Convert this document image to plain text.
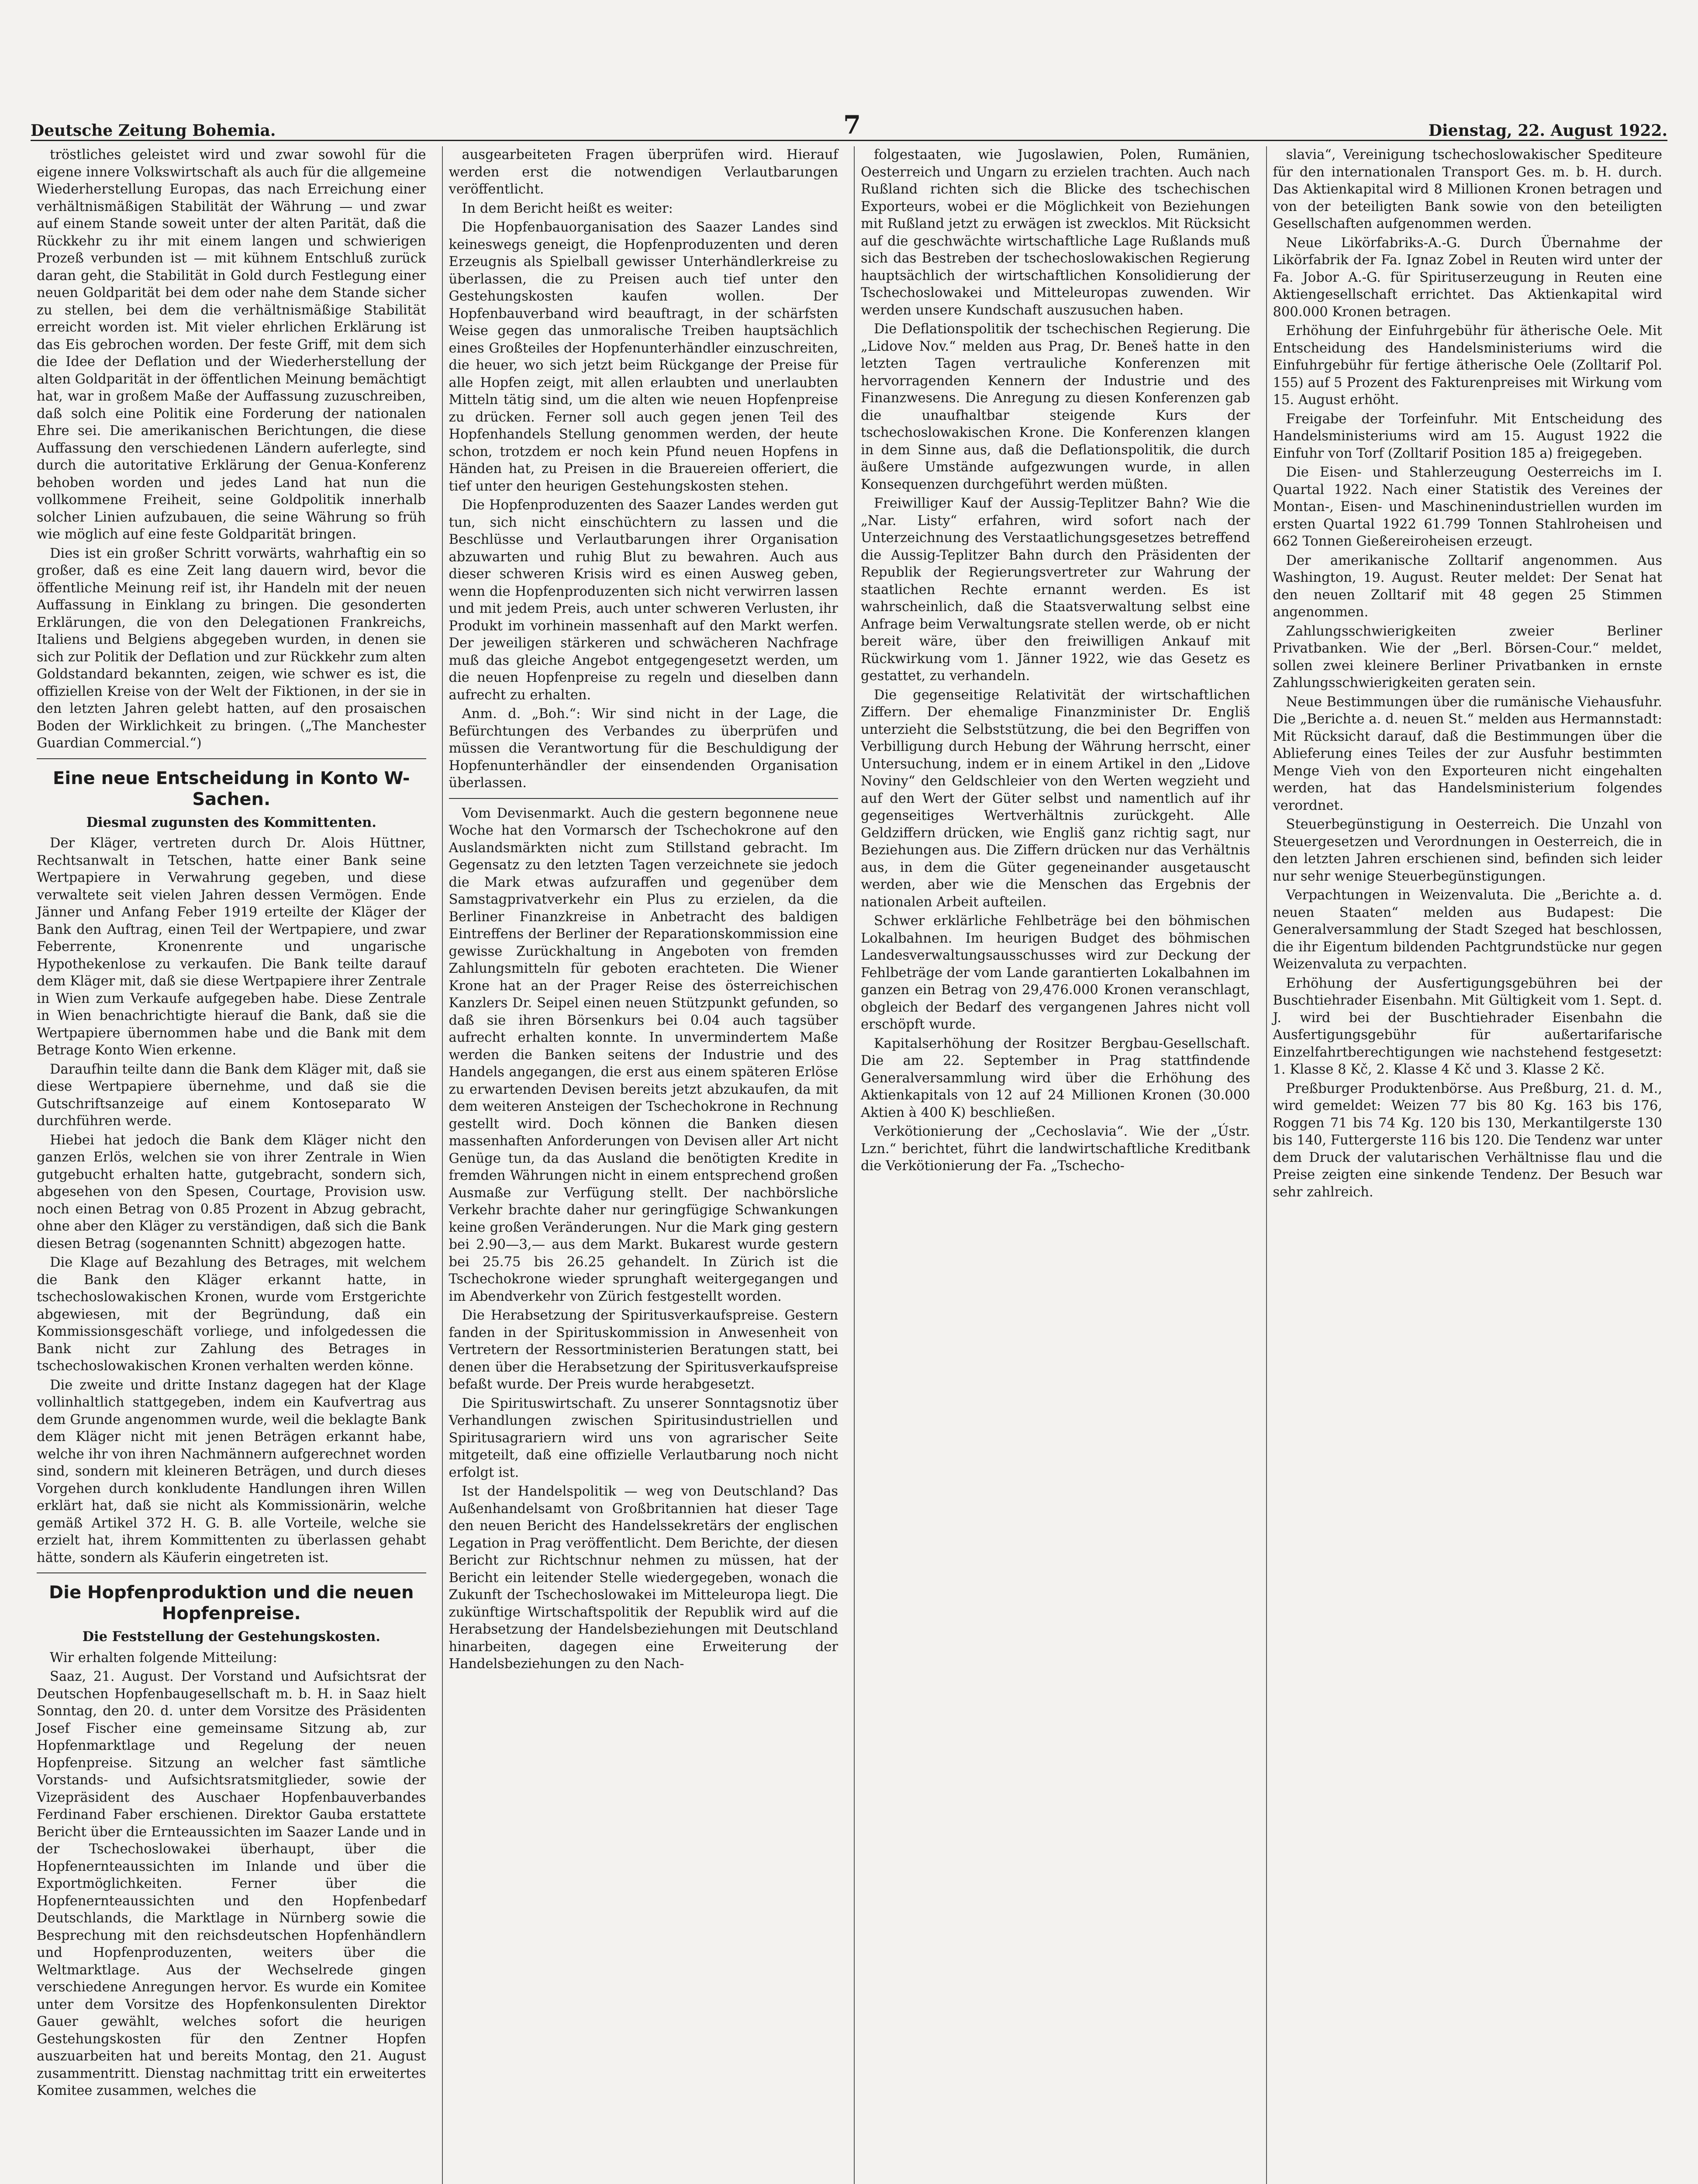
Deutsche Zeitung Bohemia.	7	Dienstag, 22. August 1922.

tröstliches geleistet wird und zwar sowohl für die eigene innere Volkswirtschaft als auch für die allgemeine Wiederherstellung Europas, das nach Erreichung einer verhältnismäßigen Stabilität der Währung — und zwar auf einem Stande soweit unter der alten Parität, daß die Rückkehr zu ihr mit einem langen und schwierigen Prozeß verbunden ist — mit kühnem Entschluß zurück daran geht, die Stabilität in Gold durch Festlegung einer neuen Goldparität bei dem oder nahe dem Stande sicher zu stellen, bei dem die verhältnismäßige Stabilität erreicht worden ist. Mit vieler ehrlichen Erklärung ist das Eis gebrochen worden. Der feste Griff, mit dem sich die Idee der Deflation und der Wiederherstellung der alten Goldparität in der öffentlichen Meinung bemächtigt hat, war in großem Maße der Auffassung zuzuschreiben, daß solch eine Politik eine Forderung der nationalen Ehre sei. Die amerikanischen Berichtungen, die diese Auffassung den verschiedenen Ländern auferlegte, sind durch die autoritative Erklärung der Genua-Konferenz behoben worden und jedes Land hat nun die vollkommene Freiheit, seine Goldpolitik innerhalb solcher Linien aufzubauen, die seine Währung so früh wie möglich auf eine feste Goldparität bringen.

Dies ist ein großer Schritt vorwärts, wahrhaftig ein so großer, daß es eine Zeit lang dauern wird, bevor die öffentliche Meinung reif ist, ihr Handeln mit der neuen Auffassung in Einklang zu bringen. Die gesonderten Erklärungen, die von den Delegationen Frankreichs, Italiens und Belgiens abgegeben wurden, in denen sie sich zur Politik der Deflation und zur Rückkehr zum alten Goldstandard bekannten, zeigen, wie schwer es ist, die offiziellen Kreise von der Welt der Fiktionen, in der sie in den letzten Jahren gelebt hatten, auf den prosaischen Boden der Wirklichkeit zu bringen. („The Manchester Guardian Commercial.“)

Eine neue Entscheidung in Konto W-Sachen.
Diesmal zugunsten des Kommittenten.

Der Kläger, vertreten durch Dr. Alois Hüttner, Rechtsanwalt in Tetschen, hatte einer Bank seine Wertpapiere in Verwahrung gegeben, und diese verwaltete seit vielen Jahren dessen Vermögen. Ende Jänner und Anfang Feber 1919 erteilte der Kläger der Bank den Auftrag, einen Teil der Wertpapiere, und zwar Feberrente, Kronenrente und ungarische Hypothekenlose zu verkaufen. Die Bank teilte darauf dem Kläger mit, daß sie diese Wertpapiere ihrer Zentrale in Wien zum Verkaufe aufgegeben habe. Diese Zentrale in Wien benachrichtigte hierauf die Bank, daß sie die Wertpapiere übernommen habe und die Bank mit dem Betrage Konto Wien erkenne.

Daraufhin teilte dann die Bank dem Kläger mit, daß sie diese Wertpapiere übernehme, und daß sie die Gutschriftsanzeige auf einem Kontoseparato W durchführen werde.

Hiebei hat jedoch die Bank dem Kläger nicht den ganzen Erlös, welchen sie von ihrer Zentrale in Wien gutgebucht erhalten hatte, gutgebracht, sondern sich, abgesehen von den Spesen, Courtage, Provision usw. noch einen Betrag von 0.85 Prozent in Abzug gebracht, ohne aber den Kläger zu verständigen, daß sich die Bank diesen Betrag (sogenannten Schnitt) abgezogen hatte.

Die Klage auf Bezahlung des Betrages, mit welchem die Bank den Kläger erkannt hatte, in tschechoslowakischen Kronen, wurde vom Erstgerichte abgewiesen, mit der Begründung, daß ein Kommissionsgeschäft vorliege, und infolgedessen die Bank nicht zur Zahlung des Betrages in tschechoslowakischen Kronen verhalten werden könne.

Die zweite und dritte Instanz dagegen hat der Klage vollinhaltlich stattgegeben, indem ein Kaufvertrag aus dem Grunde angenommen wurde, weil die beklagte Bank dem Kläger nicht mit jenen Beträgen erkannt habe, welche ihr von ihren Nachmännern aufgerechnet worden sind, sondern mit kleineren Beträgen, und durch dieses Vorgehen durch konkludente Handlungen ihren Willen erklärt hat, daß sie nicht als Kommissionärin, welche gemäß Artikel 372 H. G. B. alle Vorteile, welche sie erzielt hat, ihrem Kommittenten zu überlassen gehabt hätte, sondern als Käuferin eingetreten ist.

Die Hopfenproduktion und die neuen Hopfenpreise.
Die Feststellung der Gestehungskosten.

Wir erhalten folgende Mitteilung:

Saaz, 21. August. Der Vorstand und Aufsichtsrat der Deutschen Hopfenbaugesellschaft m. b. H. in Saaz hielt Sonntag, den 20. d. unter dem Vorsitze des Präsidenten Josef Fischer eine gemeinsame Sitzung ab, zur Hopfenmarktlage und Regelung der neuen Hopfenpreise. Sitzung an welcher fast sämtliche Vorstands- und Aufsichtsratsmitglieder, sowie der Vizepräsident des Auschaer Hopfenbauverbandes Ferdinand Faber erschienen. Direktor Gauba erstattete Bericht über die Ernteaussichten im Saazer Lande und in der Tschechoslowakei überhaupt, über die Hopfenernteaussichten im Inlande und über die Exportmöglichkeiten. Ferner über die Hopfenernteaussichten und den Hopfenbedarf Deutschlands, die Marktlage in Nürnberg sowie die Besprechung mit den reichsdeutschen Hopfenhändlern und Hopfenproduzenten, weiters über die Weltmarktlage. Aus der Wechselrede gingen verschiedene Anregungen hervor. Es wurde ein Komitee unter dem Vorsitze des Hopfenkonsulenten Direktor Gauer gewählt, welches sofort die heurigen Gestehungskosten für den Zentner Hopfen auszuarbeiten hat und bereits Montag, den 21. August zusammentritt. Dienstag nachmittag tritt ein erweitertes Komitee zusammen, welches die

ausgearbeiteten Fragen überprüfen wird. Hierauf werden erst die notwendigen Verlautbarungen veröffentlicht.

In dem Bericht heißt es weiter:

Die Hopfenbauorganisation des Saazer Landes sind keineswegs geneigt, die Hopfenproduzenten und deren Erzeugnis als Spielball gewisser Unterhändlerkreise zu überlassen, die zu Preisen auch tief unter den Gestehungskosten kaufen wollen. Der Hopfenbauverband wird beauftragt, in der schärfsten Weise gegen das unmoralische Treiben hauptsächlich eines Großteiles der Hopfenunterhändler einzuschreiten, die heuer, wo sich jetzt beim Rückgange der Preise für alle Hopfen zeigt, mit allen erlaubten und unerlaubten Mitteln tätig sind, um die alten wie neuen Hopfenpreise zu drücken. Ferner soll auch gegen jenen Teil des Hopfenhandels Stellung genommen werden, der heute schon, trotzdem er noch kein Pfund neuen Hopfens in Händen hat, zu Preisen in die Brauereien offeriert, die tief unter den heurigen Gestehungskosten stehen.

Die Hopfenproduzenten des Saazer Landes werden gut tun, sich nicht einschüchtern zu lassen und die Beschlüsse und Verlautbarungen ihrer Organisation abzuwarten und ruhig Blut zu bewahren. Auch aus dieser schweren Krisis wird es einen Ausweg geben, wenn die Hopfenproduzenten sich nicht verwirren lassen und mit jedem Preis, auch unter schweren Verlusten, ihr Produkt im vorhinein massenhaft auf den Markt werfen. Der jeweiligen stärkeren und schwächeren Nachfrage muß das gleiche Angebot entgegengesetzt werden, um die neuen Hopfenpreise zu regeln und dieselben dann aufrecht zu erhalten.

Anm. d. „Boh.“: Wir sind nicht in der Lage, die Befürchtungen des Verbandes zu überprüfen und müssen die Verantwortung für die Beschuldigung der Hopfenunterhändler der einsendenden Organisation überlassen.

Vom Devisenmarkt. Auch die gestern begonnene neue Woche hat den Vormarsch der Tschechokrone auf den Auslandsmärkten nicht zum Stillstand gebracht. Im Gegensatz zu den letzten Tagen verzeichnete sie jedoch die Mark etwas aufzuraffen und gegenüber dem Samstagprivatverkehr ein Plus zu erzielen, da die Berliner Finanzkreise in Anbetracht des baldigen Eintreffens der Berliner der Reparationskommission eine gewisse Zurückhaltung in Angeboten von fremden Zahlungsmitteln für geboten erachteten. Die Wiener Krone hat an der Prager Reise des österreichischen Kanzlers Dr. Seipel einen neuen Stützpunkt gefunden, so daß sie ihren Börsenkurs bei 0.04 auch tagsüber aufrecht erhalten konnte. In unvermindertem Maße werden die Banken seitens der Industrie und des Handels angegangen, die erst aus einem späteren Erlöse zu erwartenden Devisen bereits jetzt abzukaufen, da mit dem weiteren Ansteigen der Tschechokrone in Rechnung gestellt wird. Doch können die Banken diesen massenhaften Anforderungen von Devisen aller Art nicht Genüge tun, da das Ausland die benötigten Kredite in fremden Währungen nicht in einem entsprechend großen Ausmaße zur Verfügung stellt. Der nachbörsliche Verkehr brachte daher nur geringfügige Schwankungen keine großen Veränderungen. Nur die Mark ging gestern bei 2.90—3,— aus dem Markt. Bukarest wurde gestern bei 25.75 bis 26.25 gehandelt. In Zürich ist die Tschechokrone wieder sprunghaft weitergegangen und im Abendverkehr von Zürich festgestellt worden.

Die Herabsetzung der Spiritusverkaufspreise. Gestern fanden in der Spirituskommission in Anwesenheit von Vertretern der Ressortministerien Beratungen statt, bei denen über die Herabsetzung der Spiritusverkaufspreise befaßt wurde. Der Preis wurde herabgesetzt.

Die Spirituswirtschaft. Zu unserer Sonntagsnotiz über Verhandlungen zwischen Spiritusindustriellen und Spiritusagrariern wird uns von agrarischer Seite mitgeteilt, daß eine offizielle Verlautbarung noch nicht erfolgt ist.

Ist der Handelspolitik — weg von Deutschland? Das Außenhandelsamt von Großbritannien hat dieser Tage den neuen Bericht des Handelssekretärs der englischen Legation in Prag veröffentlicht. Dem Berichte, der diesen Bericht zur Richtschnur nehmen zu müssen, hat der Bericht ein leitender Stelle wiedergegeben, wonach die Zukunft der Tschechoslowakei im Mitteleuropa liegt. Die zukünftige Wirtschaftspolitik der Republik wird auf die Herabsetzung der Handelsbeziehungen mit Deutschland hinarbeiten, dagegen eine Erweiterung der Handelsbeziehungen zu den Nach-

folgestaaten, wie Jugoslawien, Polen, Rumänien, Oesterreich und Ungarn zu erzielen trachten. Auch nach Rußland richten sich die Blicke des tschechischen Exporteurs, wobei er die Möglichkeit von Beziehungen mit Rußland jetzt zu erwägen ist zwecklos. Mit Rücksicht auf die geschwächte wirtschaftliche Lage Rußlands muß sich das Bestreben der tschechoslowakischen Regierung hauptsächlich der wirtschaftlichen Konsolidierung der Tschechoslowakei und Mitteleuropas zuwenden. Wir werden unsere Kundschaft auszusuchen haben.

Die Deflationspolitik der tschechischen Regierung. Die „Lidove Nov.“ melden aus Prag, Dr. Beneš hatte in den letzten Tagen vertrauliche Konferenzen mit hervorragenden Kennern der Industrie und des Finanzwesens. Die Anregung zu diesen Konferenzen gab die unaufhaltbar steigende Kurs der tschechoslowakischen Krone. Die Konferenzen klangen in dem Sinne aus, daß die Deflationspolitik, die durch äußere Umstände aufgezwungen wurde, in allen Konsequenzen durchgeführt werden müßten.

Freiwilliger Kauf der Aussig-Teplitzer Bahn? Wie die „Nar. Listy“ erfahren, wird sofort nach der Unterzeichnung des Verstaatlichungsgesetzes betreffend die Aussig-Teplitzer Bahn durch den Präsidenten der Republik der Regierungsvertreter zur Wahrung der staatlichen Rechte ernannt werden. Es ist wahrscheinlich, daß die Staatsverwaltung selbst eine Anfrage beim Verwaltungsrate stellen werde, ob er nicht bereit wäre, über den freiwilligen Ankauf mit Rückwirkung vom 1. Jänner 1922, wie das Gesetz es gestattet, zu verhandeln.

Die gegenseitige Relativität der wirtschaftlichen Ziffern. Der ehemalige Finanzminister Dr. Engliš unterzieht die Selbststützung, die bei den Begriffen von Verbilligung durch Hebung der Währung herrscht, einer Untersuchung, indem er in einem Artikel in den „Lidove Noviny“ den Geldschleier von den Werten wegzieht und auf den Wert der Güter selbst und namentlich auf ihr gegenseitiges Wertverhältnis zurückgeht. Alle Geldziffern drücken, wie Engliš ganz richtig sagt, nur Beziehungen aus. Die Ziffern drücken nur das Verhältnis aus, in dem die Güter gegeneinander ausgetauscht werden, aber wie die Menschen das Ergebnis der nationalen Arbeit aufteilen.

Schwer erklärliche Fehlbeträge bei den böhmischen Lokalbahnen. Im heurigen Budget des böhmischen Landesverwaltungsausschusses wird zur Deckung der Fehlbeträge der vom Lande garantierten Lokalbahnen im ganzen ein Betrag von 29,476.000 Kronen veranschlagt, obgleich der Bedarf des vergangenen Jahres nicht voll erschöpft wurde.

Kapitalserhöhung der Rositzer Bergbau-Gesellschaft. Die am 22. September in Prag stattfindende Generalversammlung wird über die Erhöhung des Aktienkapitals von 12 auf 24 Millionen Kronen (30.000 Aktien à 400 K) beschließen.

Verkötionierung der „Cechoslavia“. Wie der „Ústr. Lzn.“ berichtet, führt die landwirtschaftliche Kreditbank die Verkötionierung der Fa. „Tschecho-

slavia“, Vereinigung tschechoslowakischer Spediteure für den internationalen Transport Ges. m. b. H. durch. Das Aktienkapital wird 8 Millionen Kronen betragen und von der beteiligten Bank sowie von den beteiligten Gesellschaften aufgenommen werden.

Neue Likörfabriks-A.-G. Durch Übernahme der Likörfabrik der Fa. Ignaz Zobel in Reuten wird unter der Fa. Jobor A.-G. für Spirituserzeugung in Reuten eine Aktiengesellschaft errichtet. Das Aktienkapital wird 800.000 Kronen betragen.

Erhöhung der Einfuhrgebühr für ätherische Oele. Mit Entscheidung des Handelsministeriums wird die Einfuhrgebühr für fertige ätherische Oele (Zolltarif Pol. 155) auf 5 Prozent des Fakturenpreises mit Wirkung vom 15. August erhöht.

Freigabe der Torfeinfuhr. Mit Entscheidung des Handelsministeriums wird am 15. August 1922 die Einfuhr von Torf (Zolltarif Position 185 a) freigegeben.

Die Eisen- und Stahlerzeugung Oesterreichs im I. Quartal 1922. Nach einer Statistik des Vereines der Montan-, Eisen- und Maschinenindustriellen wurden im ersten Quartal 1922 61.799 Tonnen Stahlroheisen und 662 Tonnen Gießereiroheisen erzeugt.

Der amerikanische Zolltarif angenommen. Aus Washington, 19. August. Reuter meldet: Der Senat hat den neuen Zolltarif mit 48 gegen 25 Stimmen angenommen.

Zahlungsschwierigkeiten zweier Berliner Privatbanken. Wie der „Berl. Börsen-Cour.“ meldet, sollen zwei kleinere Berliner Privatbanken in ernste Zahlungsschwierigkeiten geraten sein.

Neue Bestimmungen über die rumänische Viehausfuhr. Die „Berichte a. d. neuen St.“ melden aus Hermannstadt: Mit Rücksicht darauf, daß die Bestimmungen über die Ablieferung eines Teiles der zur Ausfuhr bestimmten Menge Vieh von den Exporteuren nicht eingehalten werden, hat das Handelsministerium folgendes verordnet.

Steuerbegünstigung in Oesterreich. Die Unzahl von Steuergesetzen und Verordnungen in Oesterreich, die in den letzten Jahren erschienen sind, befinden sich leider nur sehr wenige Steuerbegünstigungen.

Verpachtungen in Weizenvaluta. Die „Berichte a. d. neuen Staaten“ melden aus Budapest: Die Generalversammlung der Stadt Szeged hat beschlossen, die ihr Eigentum bildenden Pachtgrundstücke nur gegen Weizenvaluta zu verpachten.

Erhöhung der Ausfertigungsgebühren bei der Buschtiehrader Eisenbahn. Mit Gültigkeit vom 1. Sept. d. J. wird bei der Buschtiehrader Eisenbahn die Ausfertigungsgebühr für außertarifarische Einzelfahrtberechtigungen wie nachstehend festgesetzt: 1. Klasse 8 Kč, 2. Klasse 4 Kč und 3. Klasse 2 Kč.

Preßburger Produktenbörse. Aus Preßburg, 21. d. M., wird gemeldet: Weizen 77 bis 80 Kg. 163 bis 176, Roggen 71 bis 74 Kg. 120 bis 130, Merkantilgerste 130 bis 140, Futtergerste 116 bis 120. Die Tendenz war unter dem Druck der valutarischen Verhältnisse flau und die Preise zeigten eine sinkende Tendenz. Der Besuch war sehr zahlreich.
